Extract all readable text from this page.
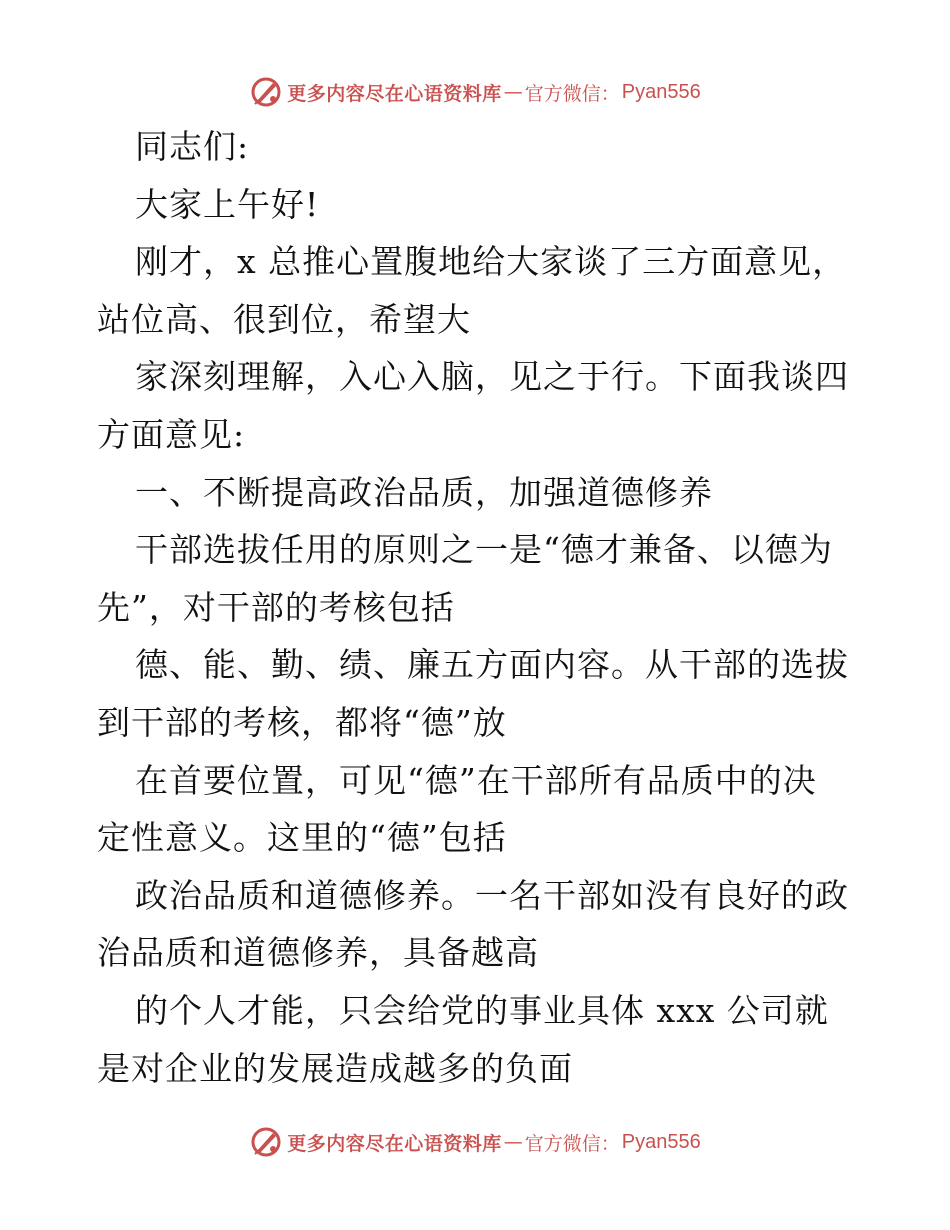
更多内容尽在心语资料库 — 官方微信： Pyan556
同志们:
大家上午好!
刚才，x 总推心置腹地给大家谈了三方面意见，
站位高、很到位，希望大
家深刻理解，入心入脑，见之于行。下面我谈四
方面意见:
一、不断提高政治品质，加强道德修养
干部选拔任用的原则之一是“德才兼备、以德为
先”，对干部的考核包括
德、能、勤、绩、廉五方面内容。从干部的选拔
到干部的考核，都将“德”放
在首要位置，可见“德”在干部所有品质中的决
定性意义。这里的“德”包括
政治品质和道德修养。一名干部如没有良好的政
治品质和道德修养，具备越高
的个人才能，只会给党的事业具体 xxx 公司就
是对企业的发展造成越多的负面
更多内容尽在心语资料库 — 官方微信： Pyan556
